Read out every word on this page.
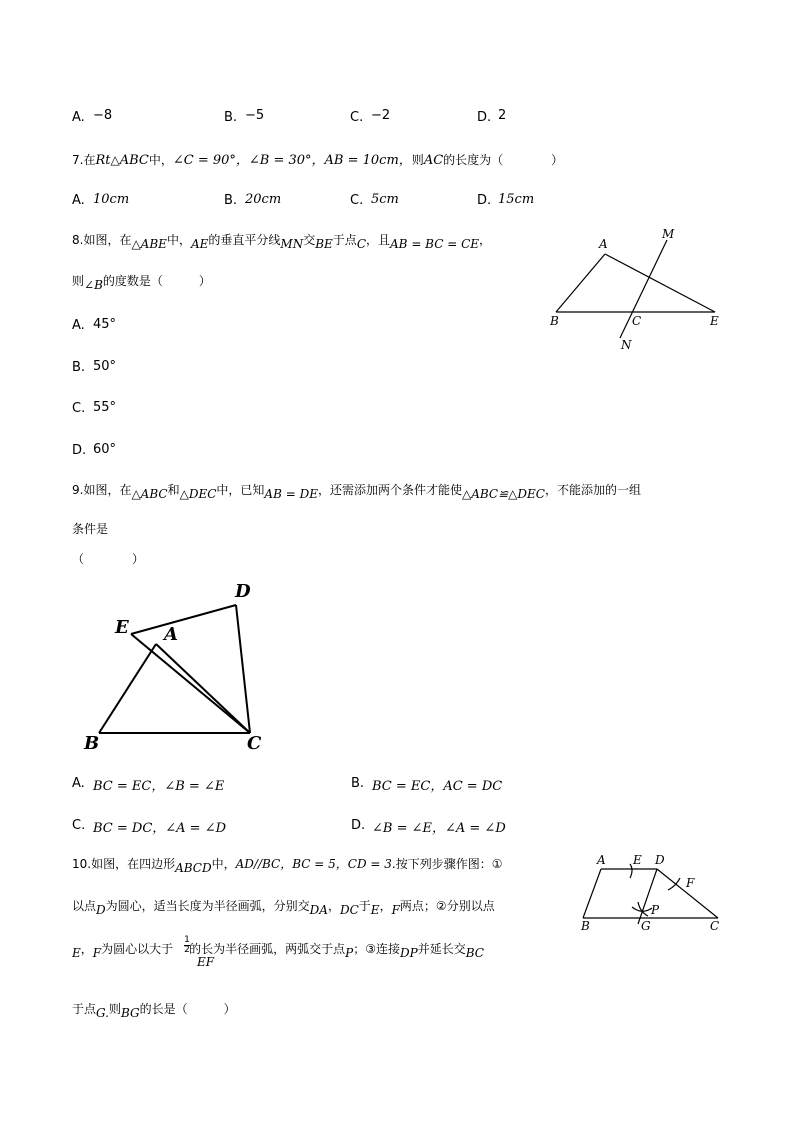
A. −8	B. −5	C. −2	D. 2
7.在Rt△ABC中，∠C = 90°，∠B = 30°，AB = 10cm，则AC的长度为（　　　　）
A. 10cm	B. 20cm	C. 5cm	D. 15cm
8.如图，在△ABE中，AE的垂直平分线MN交BE于点C，且AB = BC = CE，
则∠B的度数是（　　　）
A. 45°
B. 50°
C. 55°
D. 60°
A
B	C	E
M
N
9.如图，在△ABC和△DEC中，已知AB = DE，还需添加两个条件才能使△ABC≌△DEC，不能添加的一组
条件是
（　　　　）
D
E A
B	C
A. BC = EC，∠B = ∠E	B. BC = EC，AC = DC
C. BC = DC，∠A = ∠D	D. ∠B = ∠E，∠A = ∠D
10.如图，在四边形ABCD中，AD//BC，BC = 5，CD = 3.按下列步骤作图：①
以点D为圆心，适当长度为半径画弧，分别交DA，DC于E，F两点；②分别以点
E，F为圆心以大于 的长为半径画弧，两弧交于点P；③连接DP并延长交BC
1
2
EF
于点G.则BG的长是（　　　）
A E D
F
P
B	G	C
